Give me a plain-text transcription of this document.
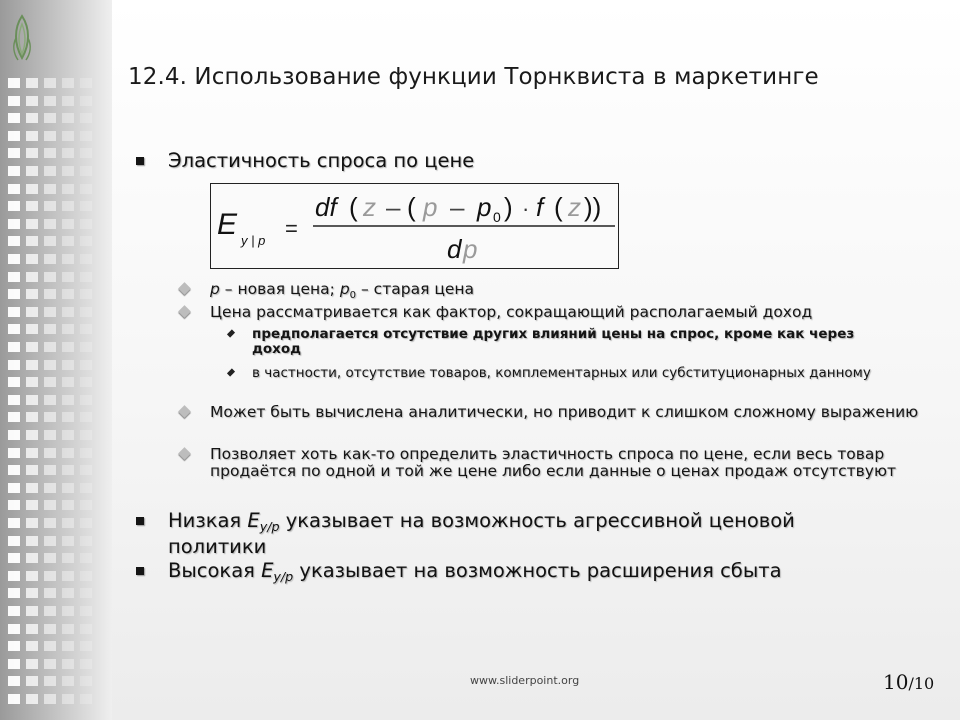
12.4. Использование функции Торнквиста в маркетинге
Эластичность спроса по цене
E y | p =
df ( z – ( p – p 0 ) · f ( z ))
d p
p – новая цена; $p_0$ – старая цена
Цена рассматривается как фактор, сокращающий располагаемый доход
предполагается отсутствие других влияний цены на спрос, кроме как через доход
в частности, отсутствие товаров, комплементарных или субституционарных данному
Может быть вычислена аналитически, но приводит к слишком сложному выражению
Позволяет хоть как-то определить эластичность спроса по цене, если весь товар продаётся по одной и той же цене либо если данные о ценах продаж отсутствуют
Низкая $E_{y/p}$ указывает на возможность агрессивной ценовой политики
Высокая $E_{y/p}$ указывает на возможность расширения сбыта
www.sliderpoint.org	10/10
